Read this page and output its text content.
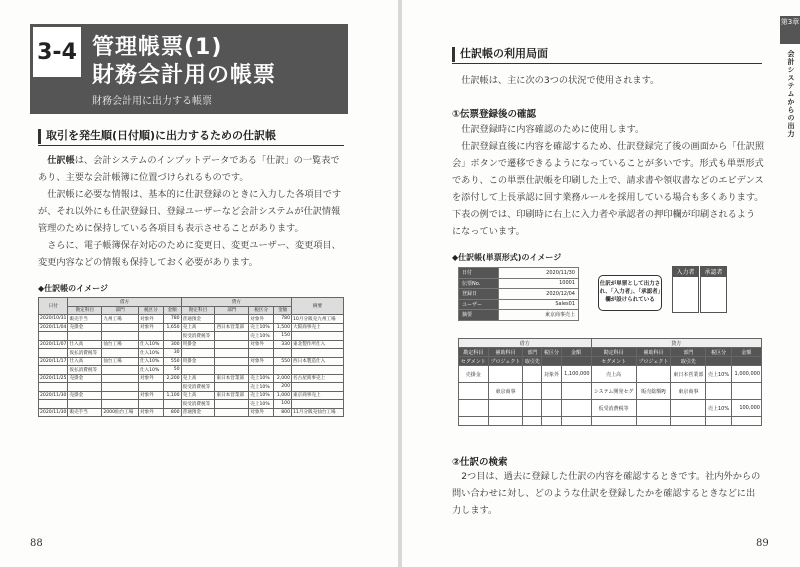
3-4 管理帳票(1)
財務会計用の帳票
財務会計用に出力する帳票
取引を発生順(日付順)に出力するための仕訳帳

仕訳帳は、会計システムのインプットデータである「仕訳」の一覧表であり、主要な会計帳簿に位置づけられるものです。

仕訳帳に必要な情報は、基本的に仕訳登録のときに入力した各項目ですが、それ以外にも仕訳登録日、登録ユーザーなど会計システムが仕訳情報管理のために保持している各項目も表示させることがあります。

さらに、電子帳簿保存対応のために変更日、変更ユーザー、変更項目、変更内容などの情報も保持しておく必要があります。

◆仕訳帳のイメージ
日付	借方				貸方				摘要
	勘定科目	部門	税区分	金額	勘定科目	部門	税区分	金額	
2020/10/31	販売手当	九州工場	対象外	780	普通預金		対象外	780	10月分販売九州工場
2020/11/04	売掛金		対象外	1,650	売上高	西日本営業部	売上10%	1,500	大阪商事売上
					仮受消費税等		売上10%	150	
2020/11/07	仕入高	仙台工場	仕入10%	300	買掛金		対象外	330	東北製作所仕入
	仮払消費税等		仕入10%	30					
2020/11/17	仕入高	仙台工場	仕入10%	550	買掛金		対象外	550	西日本製造仕入
	仮払消費税等		仕入10%	50					
2020/11/25	売掛金		対象外	2,200	売上高	東日本営業部	売上10%	2,000	名古屋商事売上
					仮受消費税等		売上10%	200	
2020/11/30	売掛金		対象外	1,100	売上高	東日本営業部	売上10%	1,000	東京商事売上
					仮受消費税等		売上10%	100	
2020/11/30	販売手当	2000仙台工場	対象外	800	普通預金		対象外	800	11月分販売仙台工場
88
仕訳帳の利用局面

仕訳帳は、主に次の3つの状況で使用されます。

①伝票登録後の確認

仕訳登録時に内容確認のために使用します。

仕訳登録直後に内容を確認するため、仕訳登録完了後の画面から「仕訳照会」ボタンで遷移できるようになっていることが多いです。形式も単票形式であり、この単票仕訳帳を印刷した上で、請求書や領収書などのエビデンスを添付して上長承認に回す業務ルールを採用している場合も多くあります。下表の例では、印刷時に右上に入力者や承認者の押印欄が印刷されるようになっています。

◆仕訳帳(単票形式)のイメージ
日付	2020/11/30
伝票No.	10001
登録日	2020/12/04
ユーザー	Sales01
摘要	東京商事売上
仕訳が単票として出力され、「入力者」、「承認者」欄が設けられている
入力者 承認者

借方					貸方				
勘定科目	補助科目	部門	税区分	金額	勘定科目	補助科目	部門	税区分	金額
セグメント	プロジェクト	取引先			セグメント	プロジェクト	取引先		
売掛金			対象外	1,100,000	売上高		東日本営業部	売上10%	1,000,000
	東京商事				システム開発セグ	販売総額PJ	東京商事		
					仮受消費税等			売上10%	100,000

②仕訳の検索

2つ目は、過去に登録した仕訳の内容を確認するときです。社内外からの問い合わせに対し、どのような仕訳を登録したかを確認するときなどに出力します。

第3章
会計システムからの出力
89
